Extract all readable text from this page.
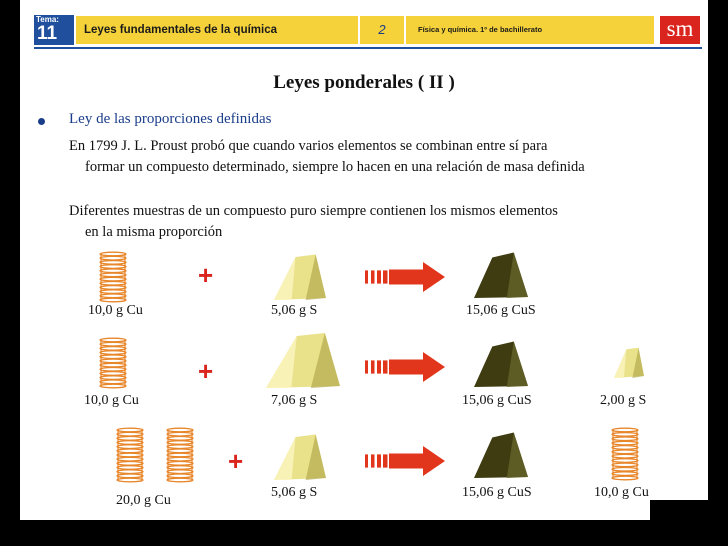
Tema:
11	Leyes fundamentales de la química	2	Física y química. 1º de bachillerato	sm
Leyes ponderales ( II )
Ley de las proporciones definidas
En 1799 J. L. Proust probó que cuando varios elementos se combinan entre sí para
formar un compuesto determinado, siempre lo hacen en una relación de masa definida
Diferentes muestras de un compuesto puro siempre contienen los mismos elementos
en la misma proporción
+
10,0 g Cu	5,06 g S	15,06 g CuS
+
10,0 g Cu	7,06 g S	15,06 g CuS	2,00 g S
+
20,0 g Cu
5,06 g S	15,06 g CuS	10,0 g Cu
